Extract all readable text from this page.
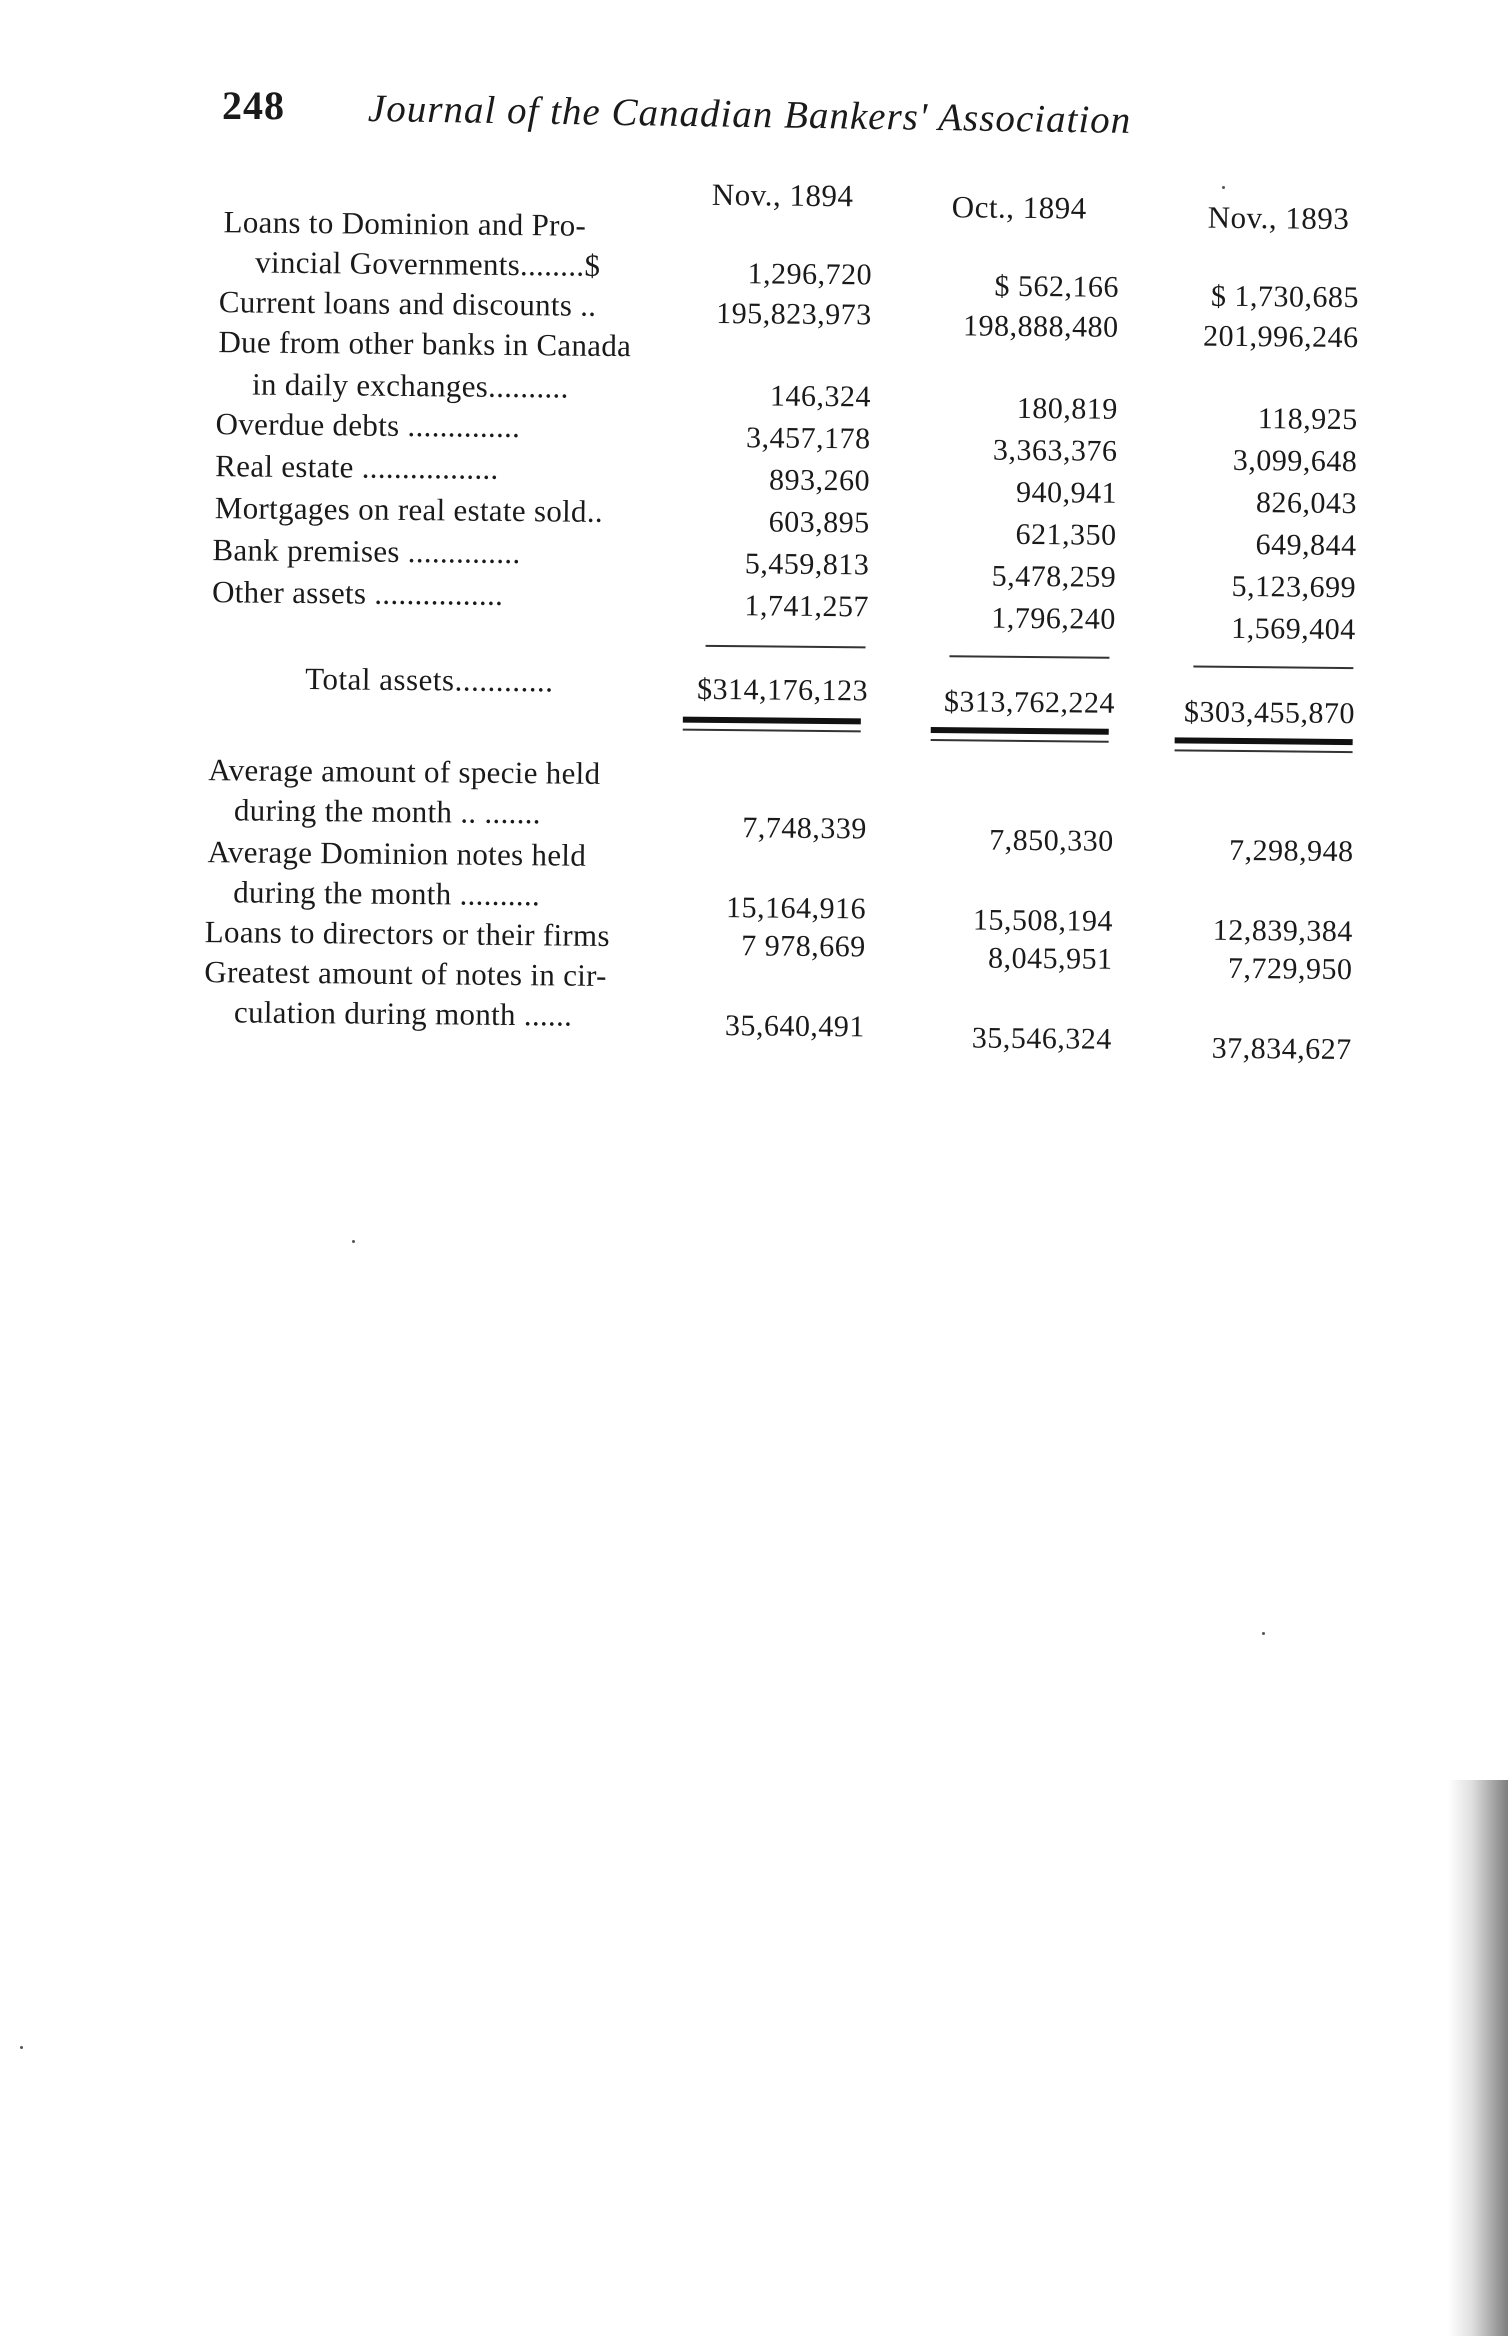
248 Journal of the Canadian Bankers' Association
Nov., 1894	Oct., 1894	Nov., 1893
Loans to Dominion and Pro-
vincial Governments........$	1,296,720	$ 562,166	$ 1,730,685
Current loans and discounts ..	195,823,973	198,888,480	201,996,246
Due from other banks in Canada
in daily exchanges..........	146,324	180,819	118,925
Overdue debts ..............	3,457,178	3,363,376	3,099,648
Real estate .................	893,260	940,941	826,043
Mortgages on real estate sold..	603,895	621,350	649,844
Bank premises ..............	5,459,813	5,478,259	5,123,699
Other assets ................	1,741,257	1,796,240	1,569,404
Total assets............	$314,176,123	$313,762,224 $303,455,870
Average amount of specie held
during the month .. .......	7,748,339	7,850,330	7,298,948
Average Dominion notes held
during the month ..........	15,164,916	15,508,194	12,839,384
Loans to directors or their firms	7 978,669	8,045,951	7,729,950
Greatest amount of notes in cir-
culation during month ......	35,640,491	35,546,324	37,834,627
